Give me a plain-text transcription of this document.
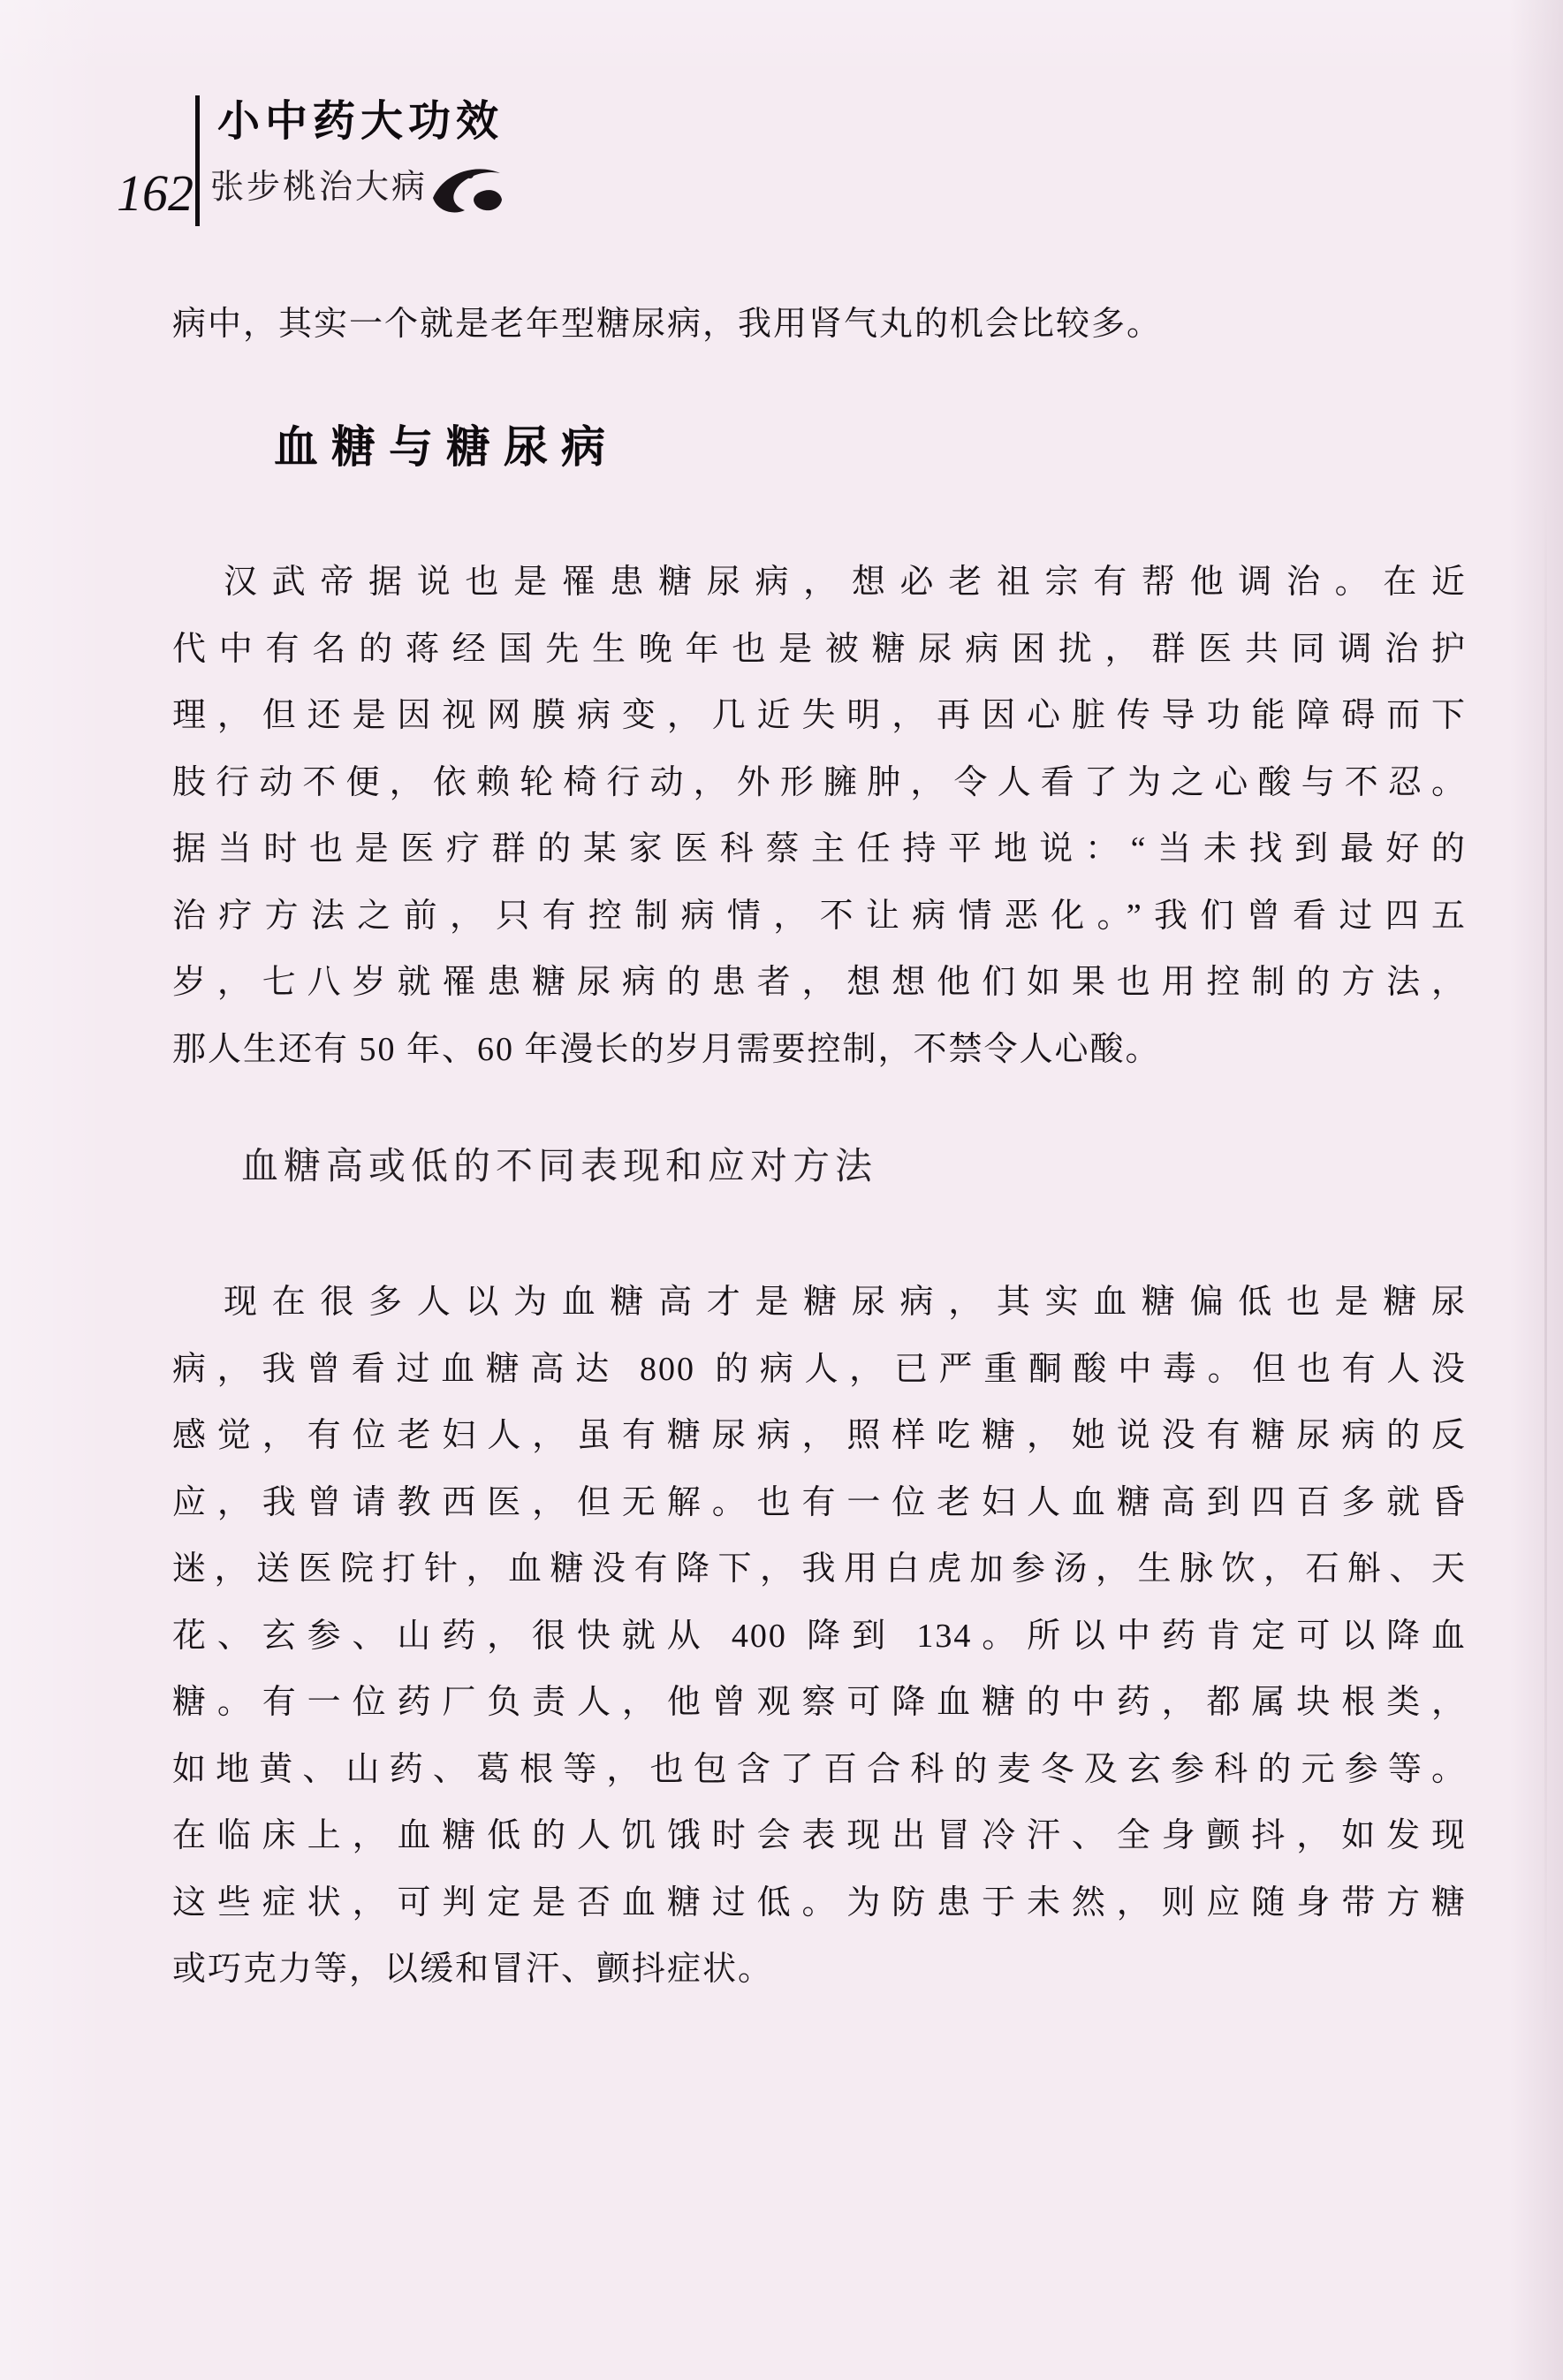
162
小中药大功效
张步桃治大病
病中，其实一个就是老年型糖尿病，我用肾气丸的机会比较多。
血糖与糖尿病
汉武帝据说也是罹患糖尿病，想必老祖宗有帮他调治。在近
代中有名的蒋经国先生晚年也是被糖尿病困扰，群医共同调治护
理，但还是因视网膜病变，几近失明，再因心脏传导功能障碍而下
肢行动不便，依赖轮椅行动，外形臃肿，令人看了为之心酸与不忍。
据当时也是医疗群的某家医科蔡主任持平地说：“当未找到最好的
治疗方法之前，只有控制病情，不让病情恶化。”我们曾看过四五
岁，七八岁就罹患糖尿病的患者，想想他们如果也用控制的方法，
那人生还有 50 年、60 年漫长的岁月需要控制，不禁令人心酸。
血糖高或低的不同表现和应对方法
现在很多人以为血糖高才是糖尿病，其实血糖偏低也是糖尿
病，我曾看过血糖高达 800 的病人，已严重酮酸中毒。但也有人没
感觉，有位老妇人，虽有糖尿病，照样吃糖，她说没有糖尿病的反
应，我曾请教西医，但无解。也有一位老妇人血糖高到四百多就昏
迷，送医院打针，血糖没有降下，我用白虎加参汤，生脉饮，石斛、天
花、玄参、山药，很快就从 400 降到 134。所以中药肯定可以降血
糖。有一位药厂负责人，他曾观察可降血糖的中药，都属块根类，
如地黄、山药、葛根等，也包含了百合科的麦冬及玄参科的元参等。
在临床上，血糖低的人饥饿时会表现出冒冷汗、全身颤抖，如发现
这些症状，可判定是否血糖过低。为防患于未然，则应随身带方糖
或巧克力等，以缓和冒汗、颤抖症状。
